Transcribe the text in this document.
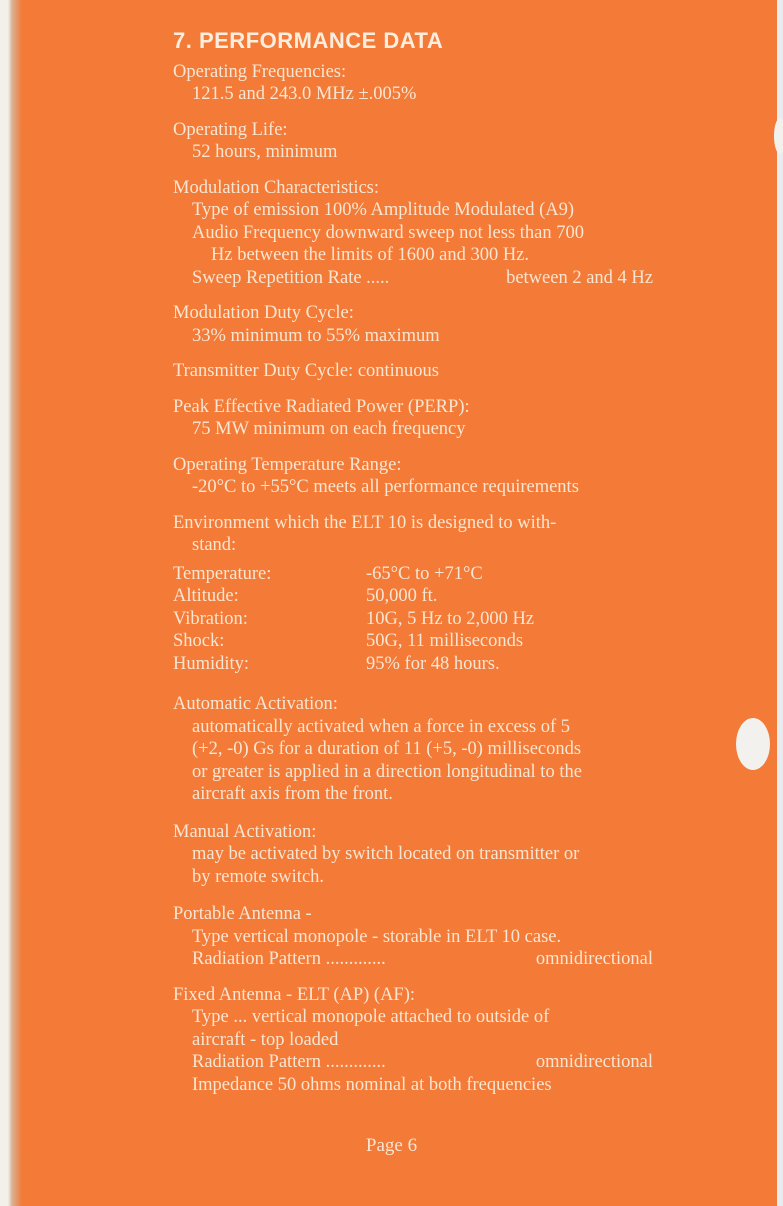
7. PERFORMANCE DATA
Operating Frequencies:
121.5 and 243.0 MHz ±.005%
Operating Life:
52 hours, minimum
Modulation Characteristics:
Type of emission 100% Amplitude Modulated (A9)
Audio Frequency downward sweep not less than 700
Hz between the limits of 1600 and 300 Hz.
Sweep Repetition Rate .....	between 2 and 4 Hz
Modulation Duty Cycle:
33% minimum to 55% maximum
Transmitter Duty Cycle: continuous
Peak Effective Radiated Power (PERP):
75 MW minimum on each frequency
Operating Temperature Range:
-20°C to +55°C meets all performance requirements
Environment which the ELT 10 is designed to with-
stand:
Temperature:	-65°C to +71°C
Altitude:	50,000 ft.
Vibration:	10G, 5 Hz to 2,000 Hz
Shock:	50G, 11 milliseconds
Humidity:	95% for 48 hours.
Automatic Activation:
automatically activated when a force in excess of 5
(+2, -0) Gs for a duration of 11 (+5, -0) milliseconds
or greater is applied in a direction longitudinal to the
aircraft axis from the front.
Manual Activation:
may be activated by switch located on transmitter or
by remote switch.
Portable Antenna -
Type vertical monopole - storable in ELT 10 case.
Radiation Pattern .............	omnidirectional
Fixed Antenna - ELT (AP) (AF):
Type ... vertical monopole attached to outside of
aircraft - top loaded
Radiation Pattern .............	omnidirectional
Impedance 50 ohms nominal at both frequencies
Page 6
